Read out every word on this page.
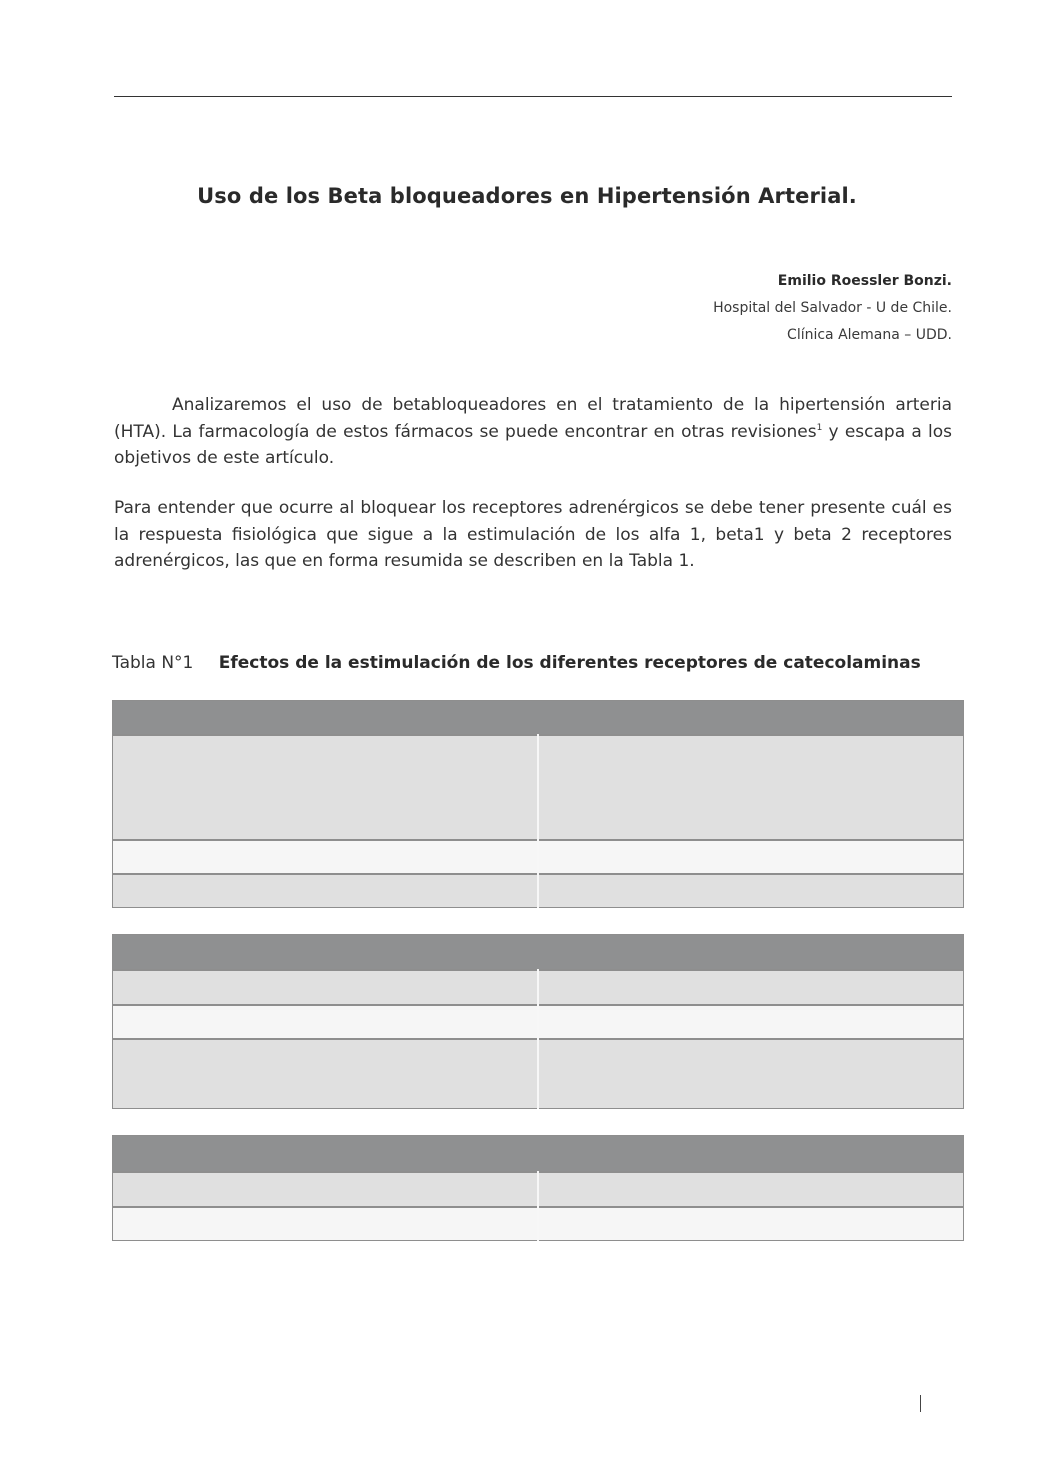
Uso de los Beta bloqueadores en Hipertensión Arterial.
Emilio Roessler Bonzi.
Hospital del Salvador - U de Chile.
Clínica Alemana – UDD.

Analizaremos el uso de betabloqueadores en el tratamiento de la hipertensión arteria (HTA). La farmacología de estos fármacos se puede encontrar en otras revisiones$^1$ y escapa a los objetivos de este artículo.

Para entender que ocurre al bloquear los receptores adrenérgicos se debe tener presente cuál es la respuesta fisiológica que sigue a la estimulación de los alfa 1, beta1 y beta 2 receptores adrenérgicos, las que en forma resumida se describen en la Tabla 1.

Tabla N°1 Efectos de la estimulación de los diferentes receptores de catecolaminas
